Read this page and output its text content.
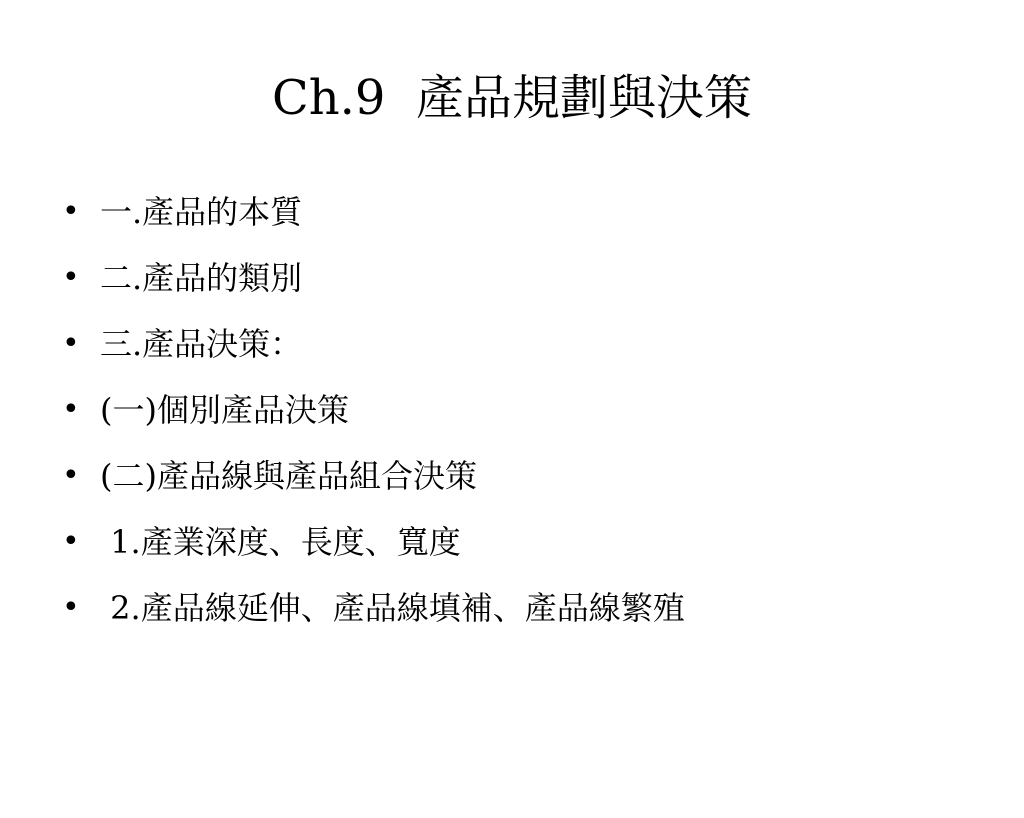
Ch.9  產品規劃與決策

•

一.產品的本質

•

二.產品的類別

•

三.產品決策：

•

(一)個別產品決策

•

(二)產品線與產品組合決策

•

1.產業深度、長度、寬度

•

2.產品線延伸、產品線填補、產品線繁殖
